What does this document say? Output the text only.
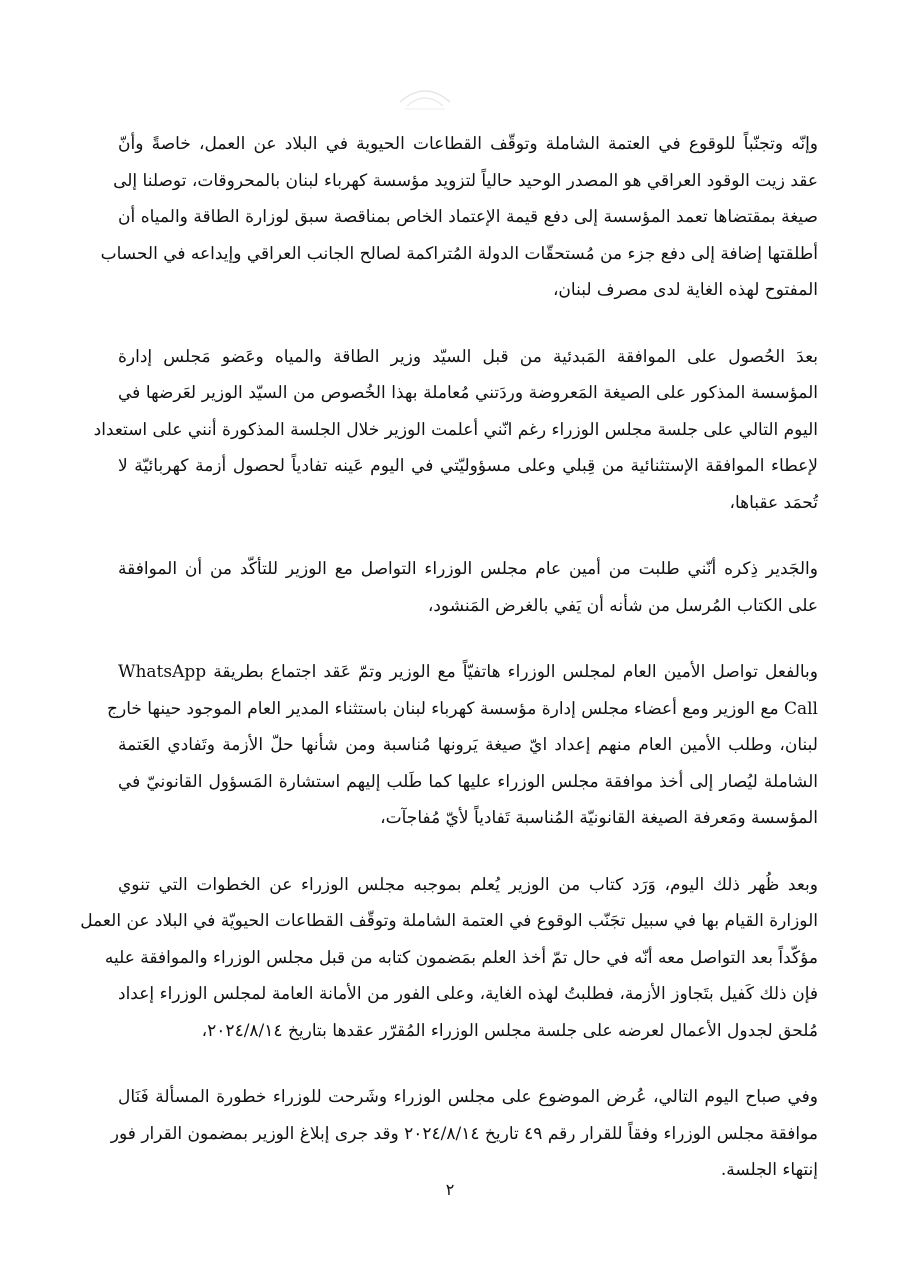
وإنّه وتجنّباً للوقوع في العتمة الشاملة وتوقّف القطاعات الحيوية في البلاد عن العمل، خاصةً وأنّ
عقد زيت الوقود العراقي هو المصدر الوحيد حالياً لتزويد مؤسسة كهرباء لبنان بالمحروقات، توصلنا إلى
صيغة بمقتضاها تعمد المؤسسة إلى دفع قيمة الإعتماد الخاص بمناقصة سبق لوزارة الطاقة والمياه أن
أطلقتها إضافة إلى دفع جزء من مُستحقّات الدولة المُتراكمة لصالح الجانب العراقي وإيداعه في الحساب
المفتوح لهذه الغاية لدى مصرف لبنان،
بعدَ الحُصول على الموافقة المَبدئية من قبل السيّد وزير الطاقة والمياه وعَضو مَجلس إدارة
المؤسسة المذكور على الصيغة المَعروضة وردَتني مُعاملة بهذا الخُصوص من السيّد الوزير لعَرضها في
اليوم التالي على جلسة مجلس الوزراء رغم انّني أعلمت الوزير خلال الجلسة المذكورة أنني على استعداد
لإعطاء الموافقة الإستثنائية من قِبلي وعلى مسؤوليّتي في اليوم عَينه تفادياً لحصول أزمة كهربائيّة لا
تُحمَد عقباها،
والجَدير ذِكره أنّني طلبت من أمين عام مجلس الوزراء التواصل مع الوزير للتأكّد من أن الموافقة
على الكتاب المُرسل من شأنه أن يَفي بالغرض المَنشود،
وبالفعل تواصل الأمين العام لمجلس الوزراء هاتفيّاً مع الوزير وتمّ عَقد اجتماع بطريقة WhatsApp
Call مع الوزير ومع أعضاء مجلس إدارة مؤسسة كهرباء لبنان باستثناء المدير العام الموجود حينها خارج
لبنان، وطلب الأمين العام منهم إعداد ايّ صيغة يَرونها مُناسبة ومن شأنها حلّ الأزمة وتَفادي العَتمة
الشاملة ليُصار إلى أخذ موافقة مجلس الوزراء عليها كما طَلب إليهم استشارة المَسؤول القانونيّ في
المؤسسة ومَعرفة الصيغة القانونيّة المُناسبة تَفادياً لأيّ مُفاجآت،
وبعد ظُهر ذلك اليوم، وَرَد كتاب من الوزير يُعلم بموجبه مجلس الوزراء عن الخطوات التي تنوي
الوزارة القيام بها في سبيل تجَنّب الوقوع في العتمة الشاملة وتوقّف القطاعات الحيويّة في البلاد عن العمل
مؤكّداً بعد التواصل معه أنّه في حال تمّ أخذ العلم بمَضمون كتابه من قبل مجلس الوزراء والموافقة عليه
فإن ذلك كَفيل بتَجاوز الأزمة، فطلبتُ لهذه الغاية، وعلى الفور من الأمانة العامة لمجلس الوزراء إعداد
مُلحق لجدول الأعمال لعرضه على جلسة مجلس الوزراء المُقرّر عقدها بتاريخ ٢٠٢٤/٨/١٤،
وفي صباح اليوم التالي، عُرض الموضوع على مجلس الوزراء وشَرحت للوزراء خطورة المسألة فَنَال
موافقة مجلس الوزراء وفقاً للقرار رقم ٤٩ تاريخ ٢٠٢٤/٨/١٤ وقد جرى إبلاغ الوزير بمضمون القرار فور
إنتهاء الجلسة.
٢
